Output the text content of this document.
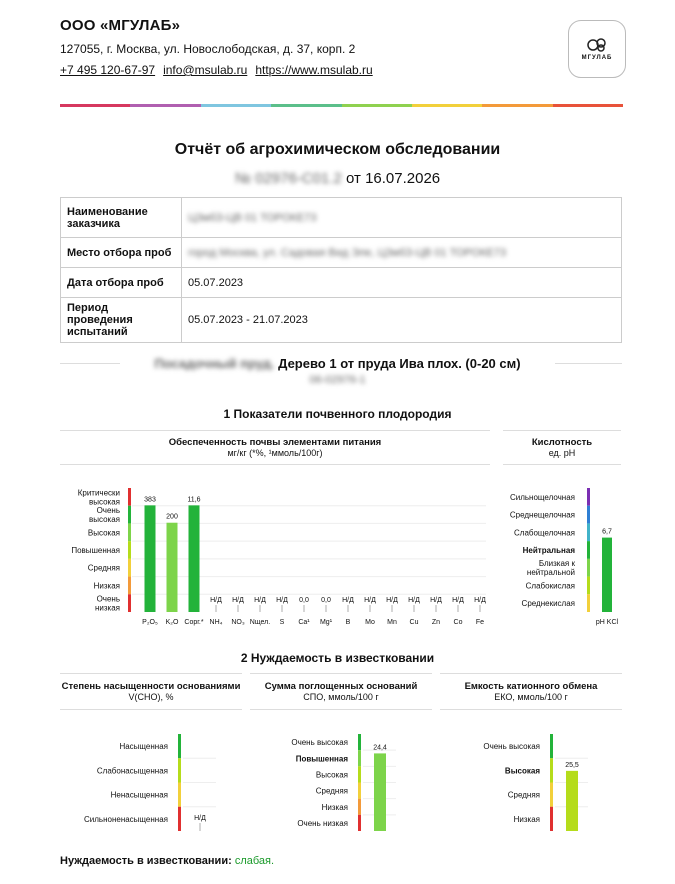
ООО «МГУЛАБ»
127055, г. Москва, ул. Новослободская, д. 37, корп. 2
+7 495 120-67-97 info@msulab.ru https://www.msulab.ru
МГУЛАБ
Отчёт об агрохимическом обследовании
№ 02976-С01.2 от 16.07.2026
Наименование заказчика	Ц3мбЗ-ЦВ 01 ТОРОКЕ73
Место отбора проб	город Москва, ул. Садовая Вид Эле, Ц3мбЗ-ЦВ 01 ТОРОКЕ73
Дата отбора проб	05.07.2023
Период проведения испытаний	05.07.2023 - 21.07.2023
Посадочный пруд. Дерево 1 от пруда Ива плох. (0-20 см)
06-02976-1
1 Показатели почвенного плодородия
Обеспеченность почвы элементами питания
мг/кг (*%, ¹ммоль/100г)
Кислотность
ед. pH
Критически высокая
Очень высокая
Высокая
Повышенная
Средняя
Низкая
Очень низкая
383
P₂O₅
200
K₂O
11,6
Сорг.*
Н/Д
NH₄
Н/Д
NO₃
Н/Д
Nщел.
Н/Д
S
0,0
Ca¹
0,0
Mg¹
Н/Д
B
Н/Д
Mo
Н/Д
Mn
Н/Д
Cu
Н/Д
Zn
Н/Д
Co
Н/Д
Fe
Сильнощелочная
Среднещелочная
Слабощелочная
Нейтральная
Близкая к нейтральной
Слабокислая
Среднекислая
6,7
pH KCl
2 Нуждаемость в известковании
Степень насыщенности основаниями
V(СНО), %
Сумма поглощенных оснований
СПО, ммоль/100 г
Емкость катионного обмена
ЕКО, ммоль/100 г
Насыщенная
Слабонасыщенная
Ненасыщенная
Сильноненасыщенная	Н/Д
Очень высокая
Повышенная
Высокая
Средняя
Низкая
Очень низкая
24,4	Очень высокая
Высокая
Средняя
Низкая
25,5
Нуждаемость в известковании: слабая.
